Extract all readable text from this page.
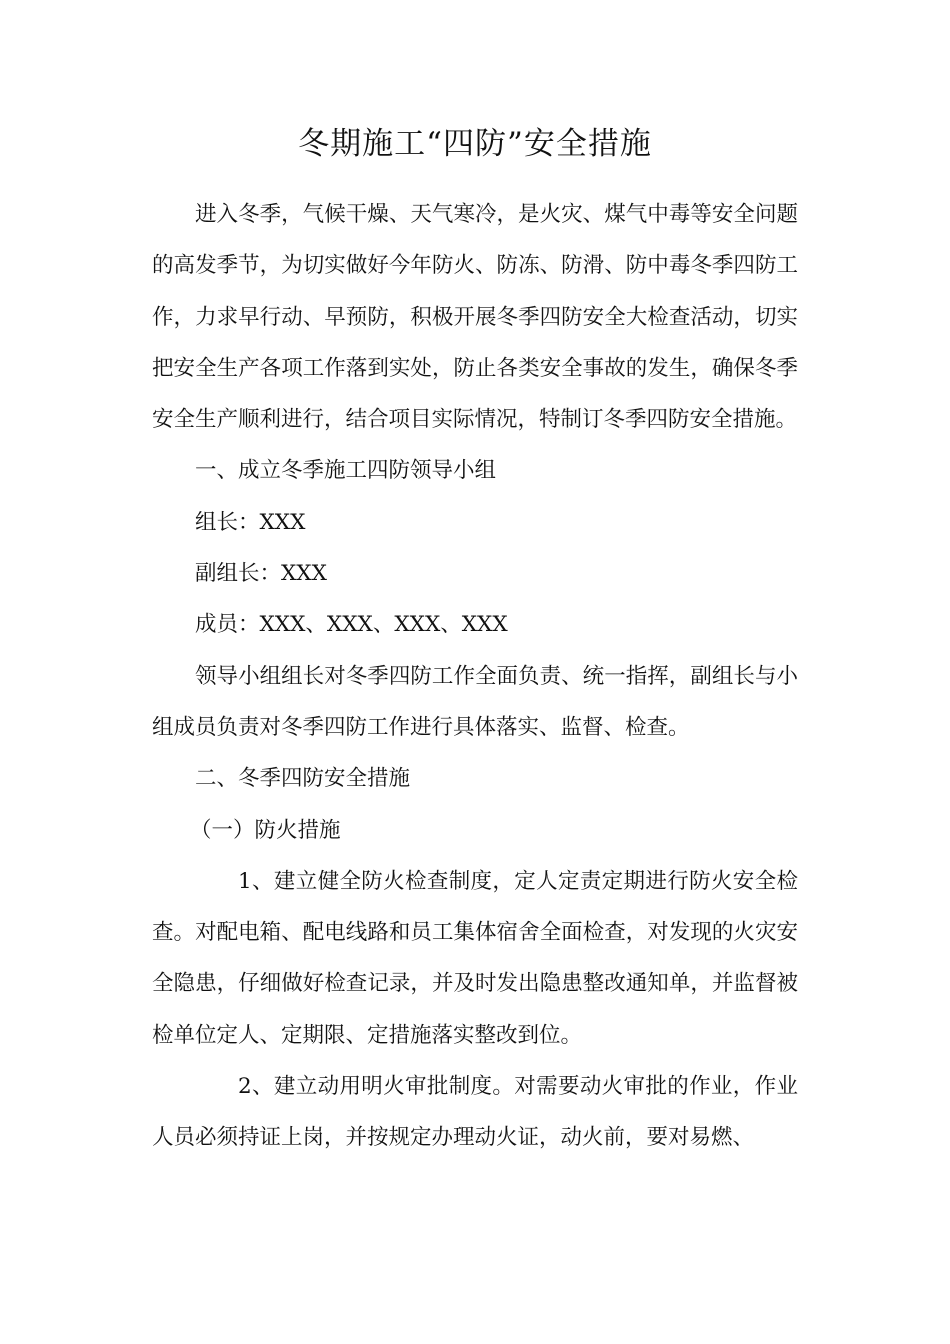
冬期施工“四防”安全措施

进入冬季，气候干燥、天气寒冷，是火灾、煤气中毒等安全问题的高发季节，为切实做好今年防火、防冻、防滑、防中毒冬季四防工作，力求早行动、早预防，积极开展冬季四防安全大检查活动，切实把安全生产各项工作落到实处，防止各类安全事故的发生，确保冬季安全生产顺利进行，结合项目实际情况，特制订冬季四防安全措施。

一、成立冬季施工四防领导小组

组长：XXX

副组长：XXX

成员：XXX、XXX、XXX、XXX

领导小组组长对冬季四防工作全面负责、统一指挥，副组长与小组成员负责对冬季四防工作进行具体落实、监督、检查。

二、冬季四防安全措施

（一）防火措施

1、建立健全防火检查制度，定人定责定期进行防火安全检查。对配电箱、配电线路和员工集体宿舍全面检查，对发现的火灾安全隐患，仔细做好检查记录，并及时发出隐患整改通知单，并监督被检单位定人、定期限、定措施落实整改到位。

2、建立动用明火审批制度。对需要动火审批的作业，作业人员必须持证上岗，并按规定办理动火证，动火前，要对易燃、
